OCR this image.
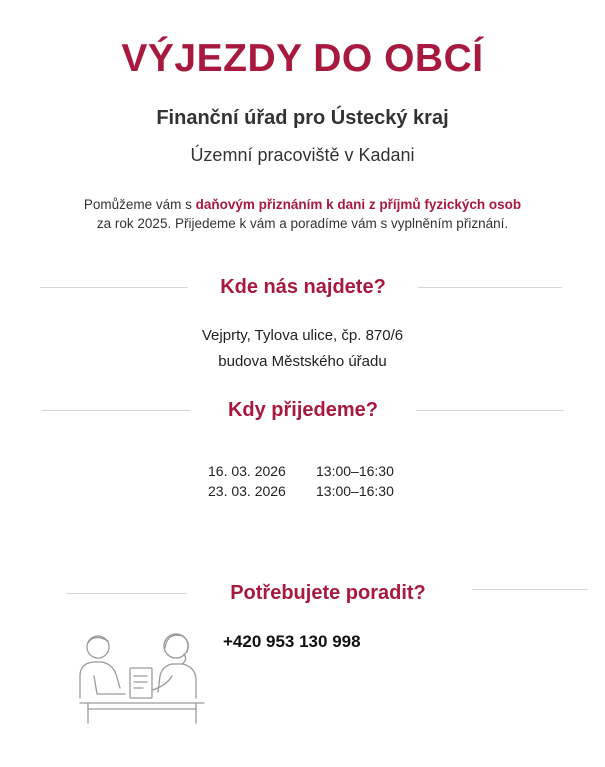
VÝJEZDY DO OBCÍ
Finanční úřad pro Ústecký kraj
Územní pracoviště v Kadani
Pomůžeme vám s daňovým přiznáním k dani z příjmů fyzických osob
za rok 2025. Přijedeme k vám a poradíme vám s vyplněním přiznání.
Kde nás najdete?
Vejprty, Tylova ulice, čp. 870/6
budova Městského úřadu
Kdy přijedeme?
16. 03. 2026 13:00–16:30
23. 03. 2026 13:00–16:30
Potřebujete poradit?
+420 953 130 998
